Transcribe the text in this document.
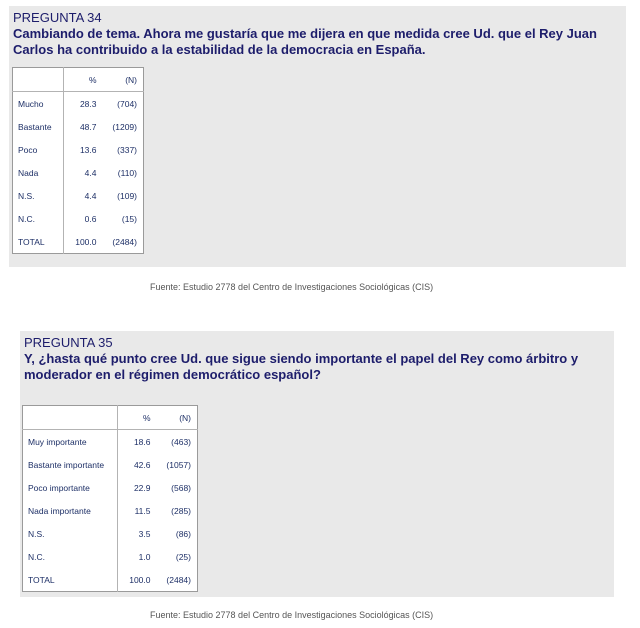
PREGUNTA 34
Cambiando de tema. Ahora me gustaría que me dijera en que medida cree Ud. que el Rey Juan Carlos ha contribuido a la estabilidad de la democracia en España.
	%	(N)
Mucho	28.3	(704)
Bastante	48.7	(1209)
Poco	13.6	(337)
Nada	4.4	(110)
N.S.	4.4	(109)
N.C.	0.6	(15)
TOTAL	100.0	(2484)
Fuente: Estudio 2778 del Centro de Investigaciones Sociológicas (CIS)
PREGUNTA 35
Y, ¿hasta qué punto cree Ud. que sigue siendo importante el papel del Rey como árbitro y moderador en el régimen democrático español?
	%	(N)
Muy importante	18.6	(463)
Bastante importante	42.6	(1057)
Poco importante	22.9	(568)
Nada importante	11.5	(285)
N.S.	3.5	(86)
N.C.	1.0	(25)
TOTAL	100.0	(2484)
Fuente: Estudio 2778 del Centro de Investigaciones Sociológicas (CIS)
